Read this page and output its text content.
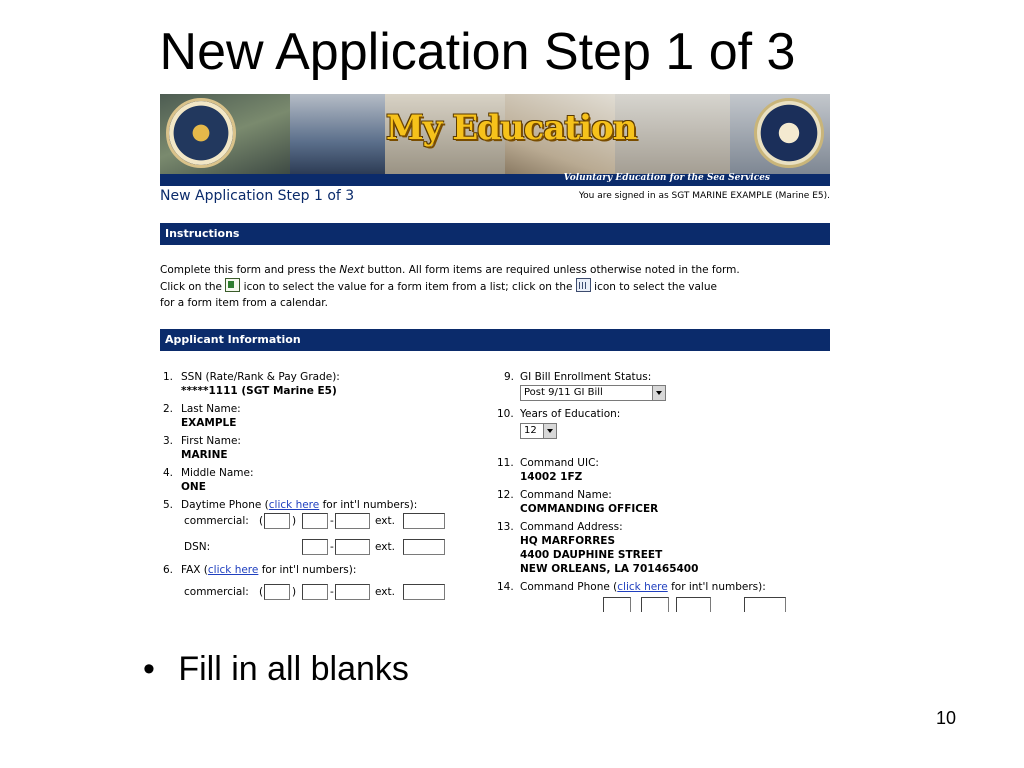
New Application Step 1 of 3
My Education
Voluntary Education for the Sea Services
New Application Step 1 of 3	You are signed in as SGT MARINE EXAMPLE (Marine E5).
Instructions
Complete this form and press the Next button. All form items are required unless otherwise noted in the form.
Click on the  icon to select the value for a form item from a list; click on the  icon to select the value
for a form item from a calendar.
Applicant Information
1. SSN (Rate/Rank & Pay Grade):
*****1111 (SGT Marine E5)
2. Last Name:
EXAMPLE
3. First Name:
MARINE
4. Middle Name:
ONE
5. Daytime Phone (click here for int'l numbers):
commercial: (	)	-	ext.
DSN:	-	ext.
6. FAX (click here for int'l numbers):
commercial: (	)	-	ext.
9. GI Bill Enrollment Status:
Post 9/11 GI Bill
10. Years of Education:
12
11. Command UIC:
14002 1FZ
12. Command Name:
COMMANDING OFFICER
13. Command Address:
HQ MARFORRES
4400 DAUPHINE STREET
NEW ORLEANS, LA 701465400
14. Command Phone (click here for int'l numbers):
• Fill in all blanks
10
